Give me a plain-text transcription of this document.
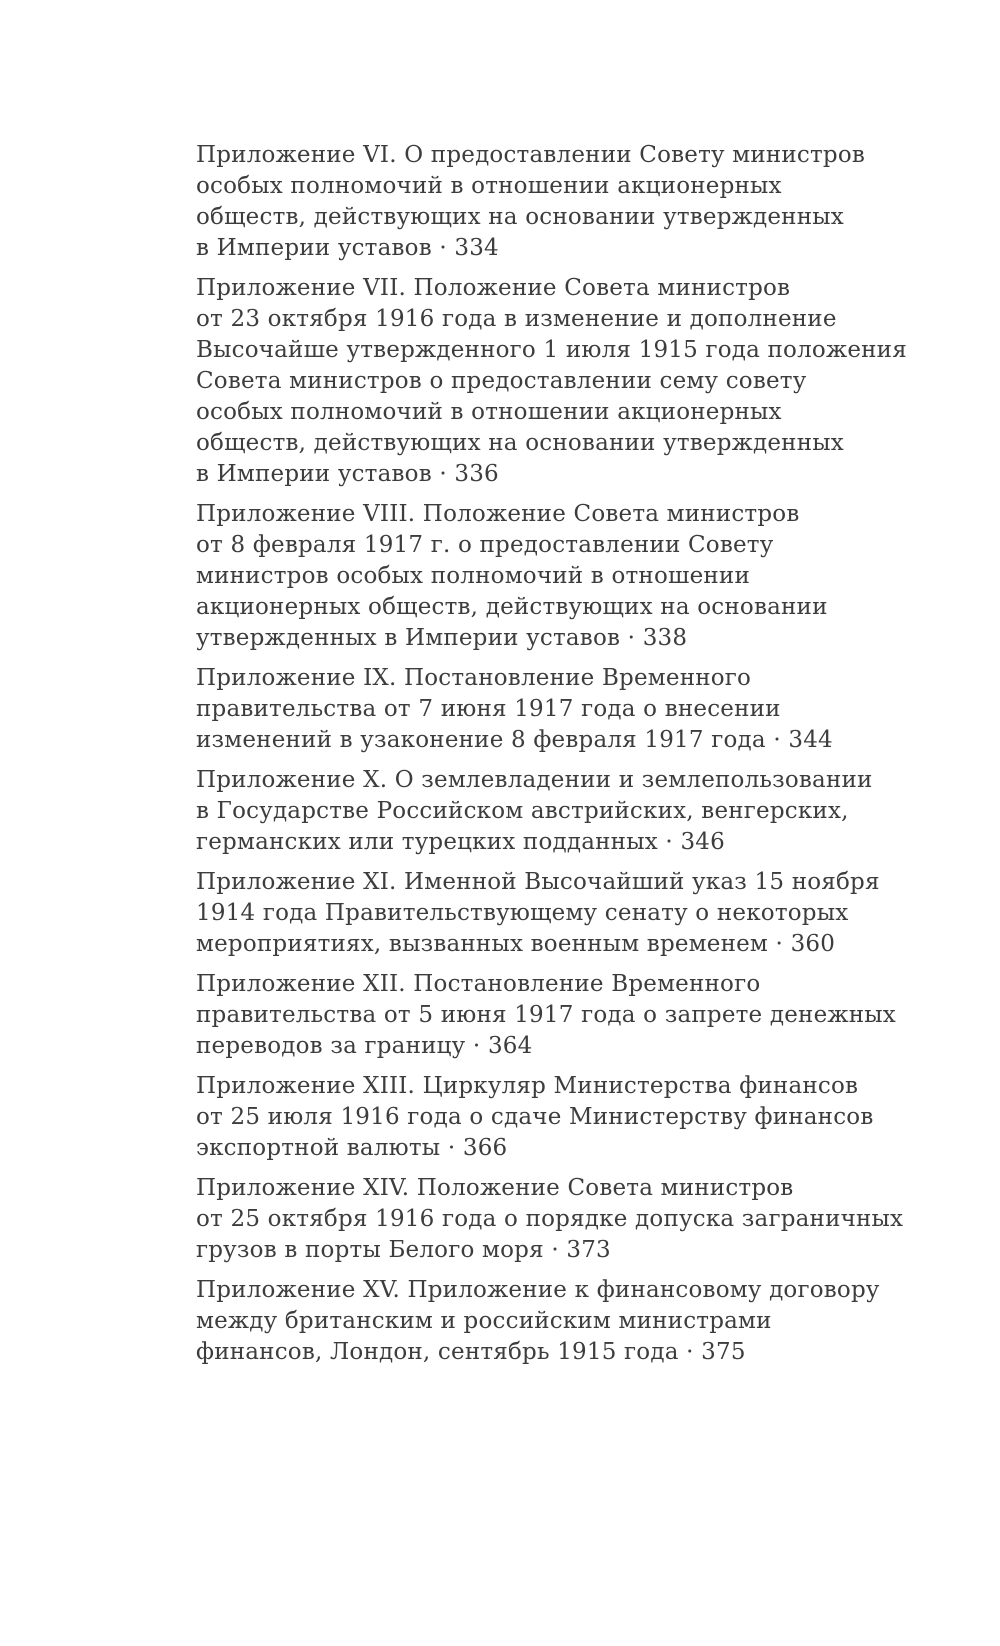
Приложение VI. О предоставлении Совету министров
особых полномочий в отношении акционерных
обществ, действующих на основании утвержденных
в Империи уставов · 334
Приложение VII. Положение Совета министров
от 23 октября 1916 года в изменение и дополнение
Высочайше утвержденного 1 июля 1915 года положения
Совета министров о предоставлении сему совету
особых полномочий в отношении акционерных
обществ, действующих на основании утвержденных
в Империи уставов · 336
Приложение VIII. Положение Совета министров
от 8 февраля 1917 г. о предоставлении Совету
министров особых полномочий в отношении
акционерных обществ, действующих на основании
утвержденных в Империи уставов · 338
Приложение IX. Постановление Временного
правительства от 7 июня 1917 года о внесении
изменений в узаконение 8 февраля 1917 года · 344
Приложение X. О землевладении и землепользовании
в Государстве Российском австрийских, венгерских,
германских или турецких подданных · 346
Приложение XI. Именной Высочайший указ 15 ноября
1914 года Правительствующему сенату о некоторых
мероприятиях, вызванных военным временем · 360
Приложение XII. Постановление Временного
правительства от 5 июня 1917 года о запрете денежных
переводов за границу · 364
Приложение XIII. Циркуляр Министерства финансов
от 25 июля 1916 года о сдаче Министерству финансов
экспортной валюты · 366
Приложение XIV. Положение Совета министров
от 25 октября 1916 года о порядке допуска заграничных
грузов в порты Белого моря · 373
Приложение XV. Приложение к финансовому договору
между британским и российским министрами
финансов, Лондон, сентябрь 1915 года · 375
